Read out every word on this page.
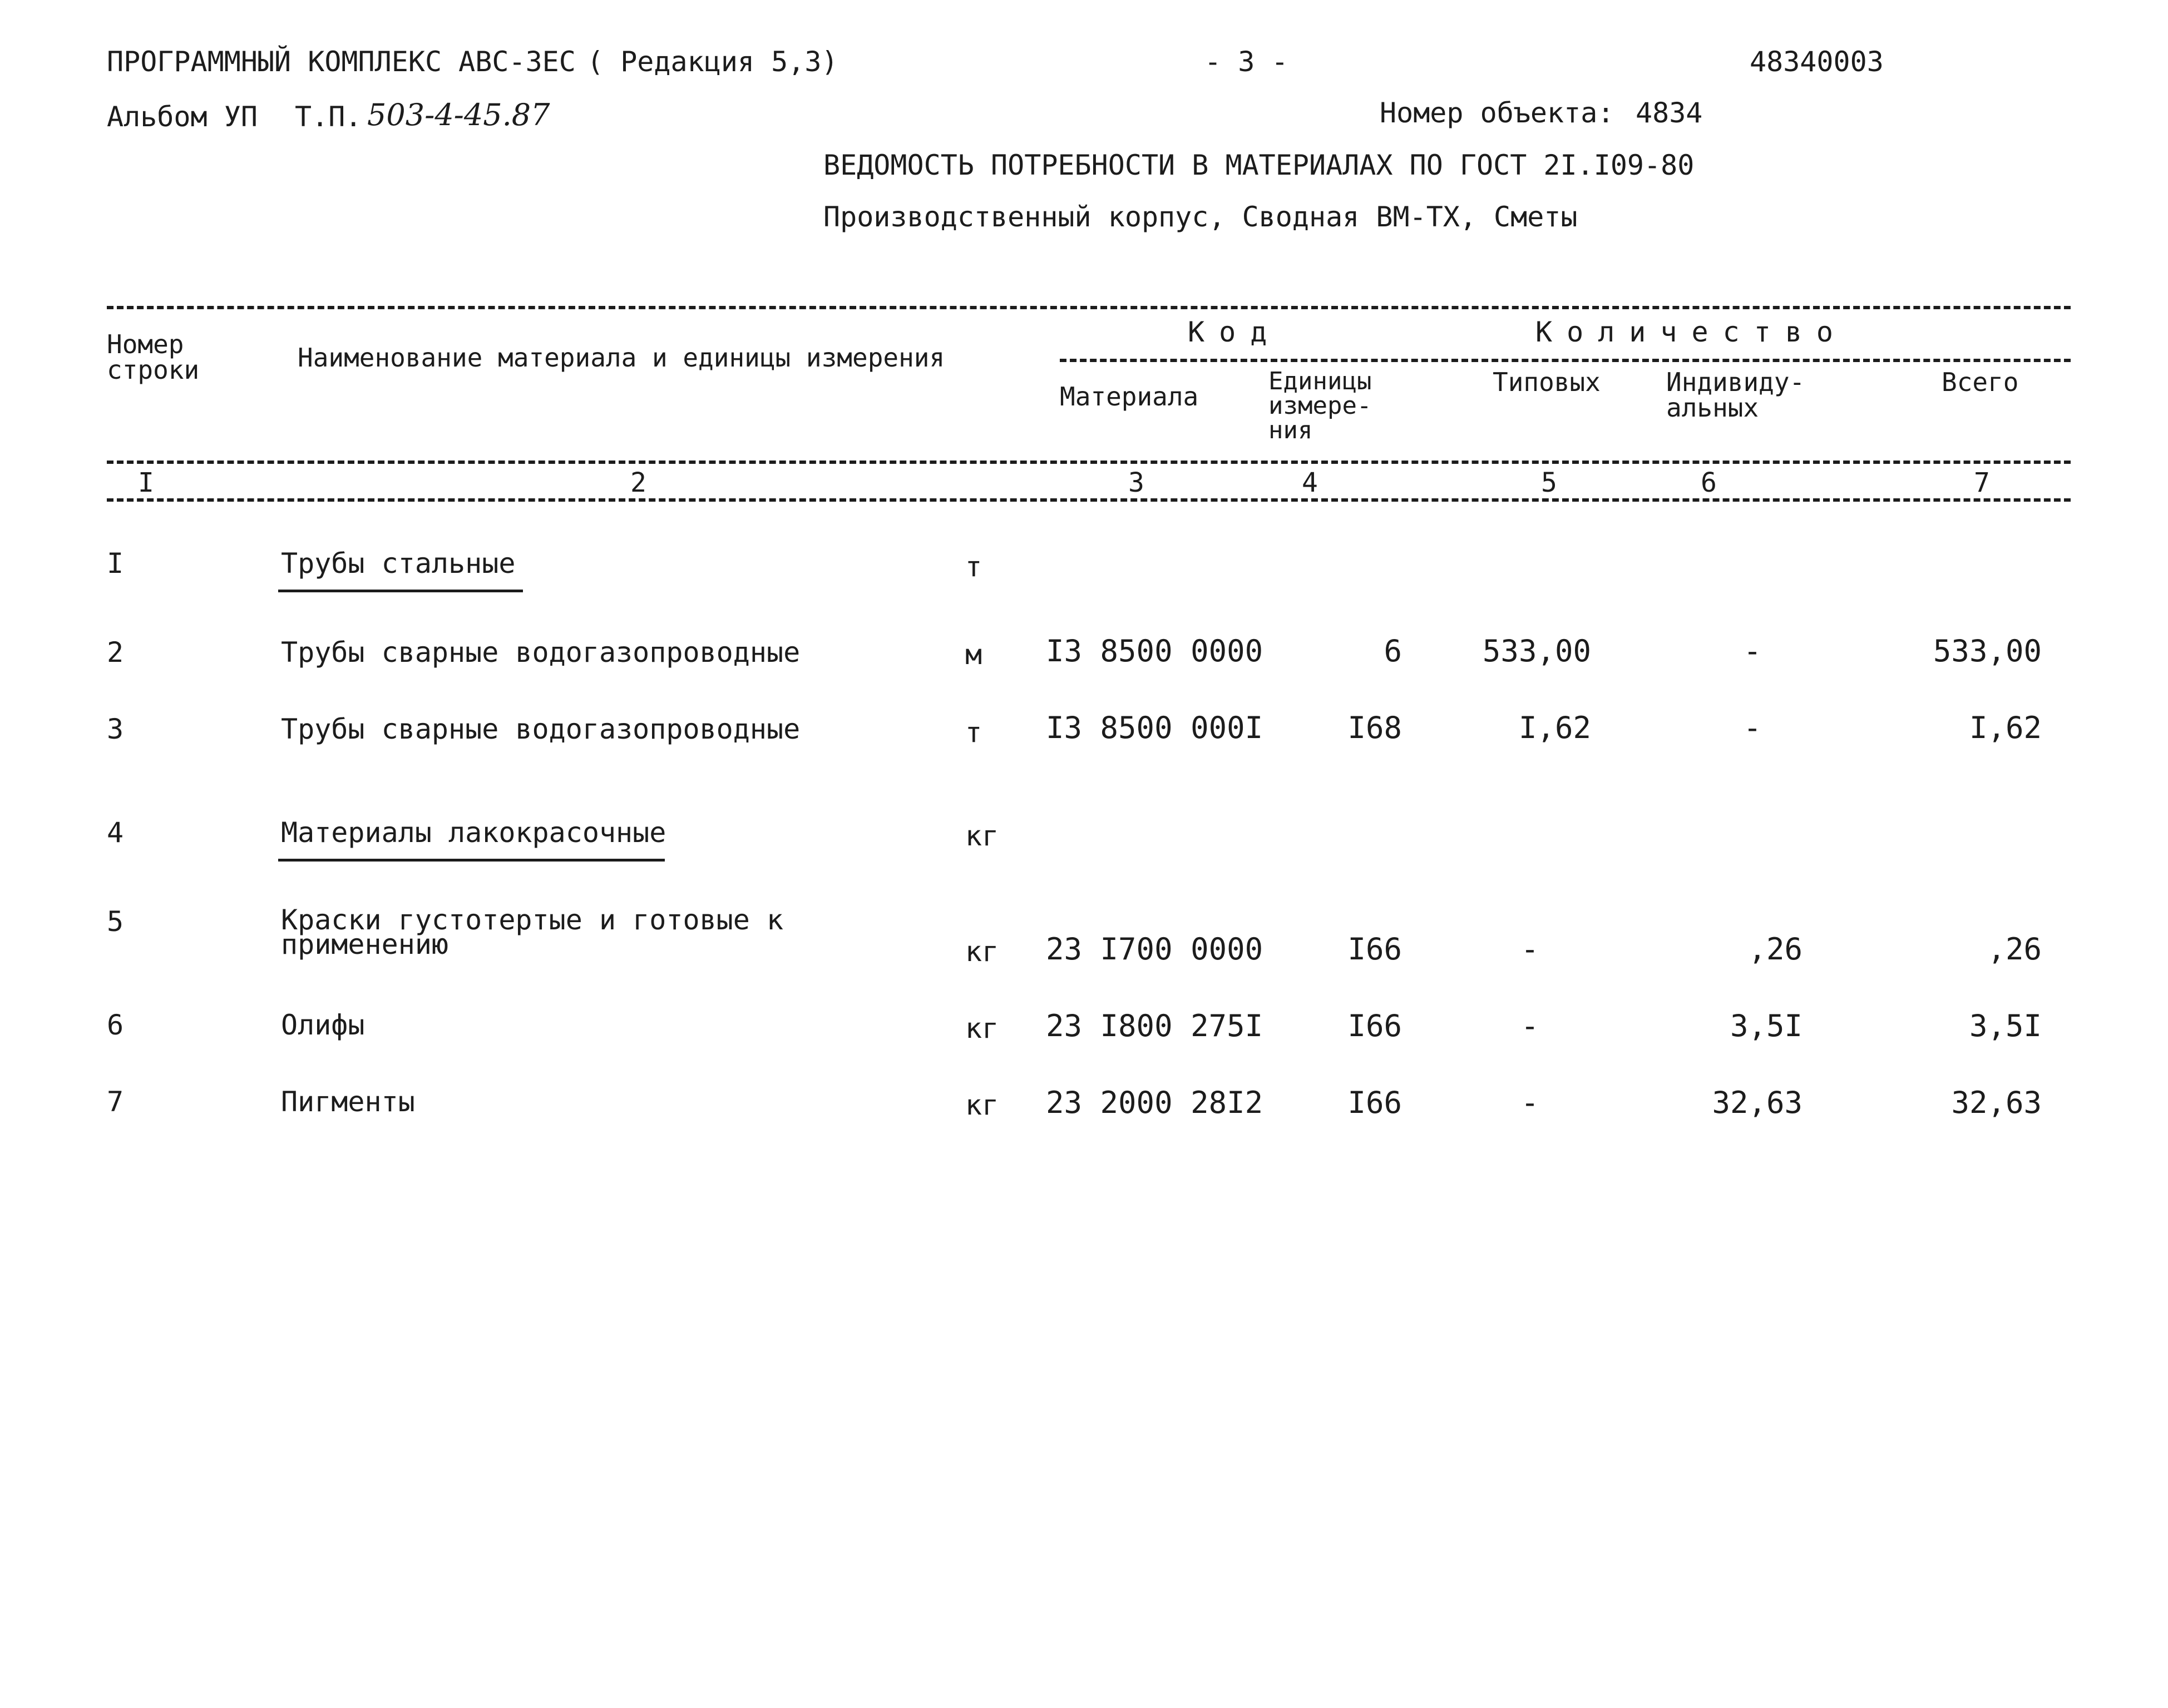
ПРОГРАММНЫЙ КОМПЛЕКС АВС-ЗЕС ( Редакция 5,3)	- 3 -	48340003
Альбом УП Т.П. 503-4-45.87	Номер объекта: 4834
ВЕДОМОСТЬ ПОТРЕБНОСТИ В МАТЕРИАЛАХ ПО ГОСТ 2I.I09-80
Производственный корпус, Сводная ВМ-ТХ, Сметы
Номер строки	Наименование материала и единицы измерения
Код	Количество
Материала
Единицы измере-ния
Типовых	Индивиду-альных
Всего
I	2	3	4	5	6	7
I	Трубы стальные	т
2	Трубы сварные водогазопроводные	м I3 8500 0000	6	533,00	-	533,00
3	Трубы сварные водогазопроводные	т I3 8500 000I	I68	I,62	-	I,62
4	Материалы лакокрасочные	кг
5	Краски густотертые и готовые к применению	кг 23 I700 0000	I66	-	,26	,26
6	Олифы	кг 23 I800 275I	I66	-	3,5I	3,5I
7	Пигменты	кг 23 2000 28I2	I66	-	32,63	32,63
